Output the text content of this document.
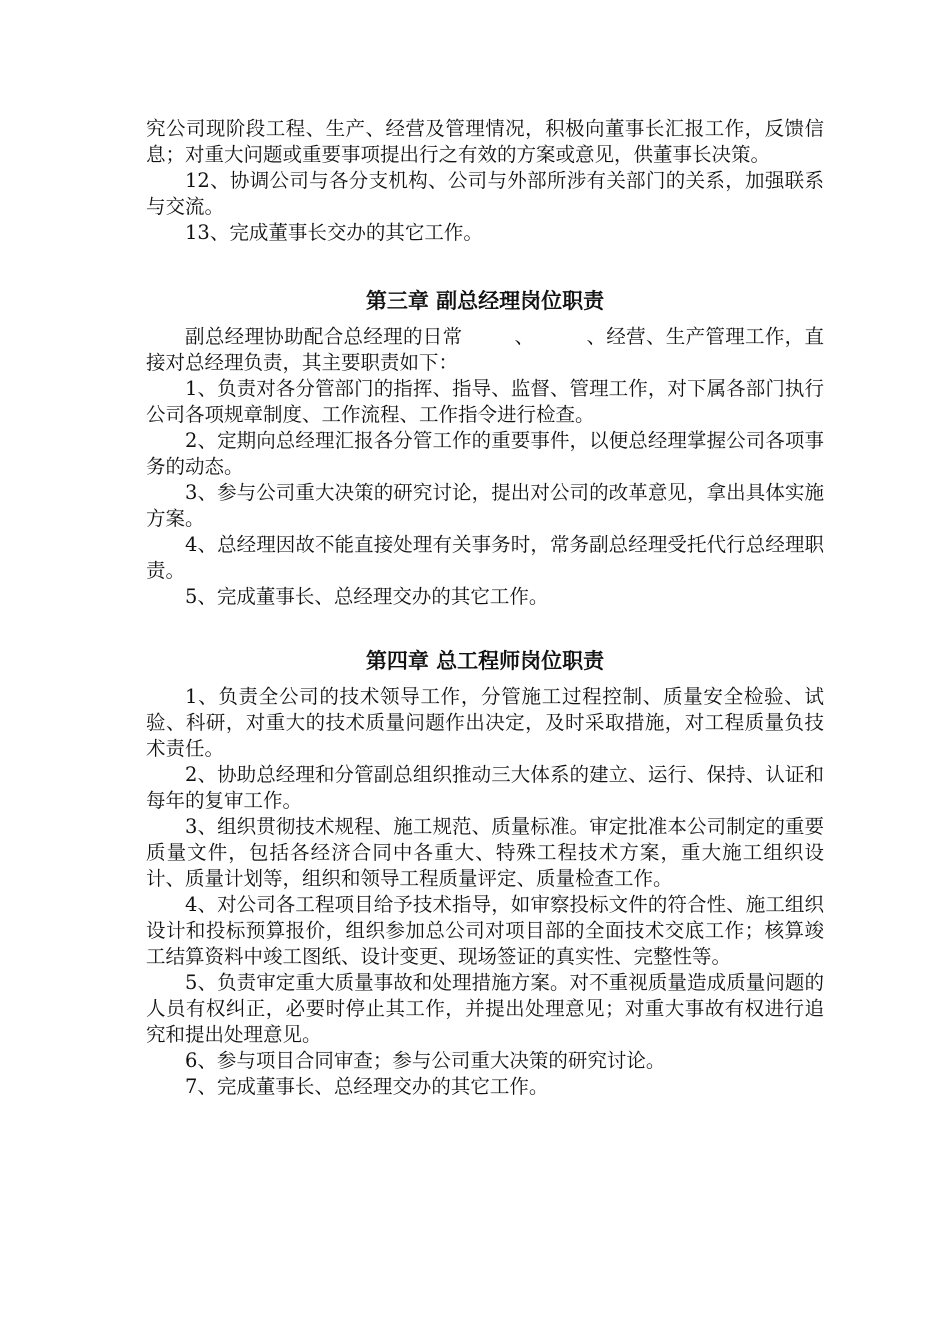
究公司现阶段工程、生产、经营及管理情况，积极向董事长汇报工作，反馈信息；对重大问题或重要事项提出行之有效的方案或意见，供董事长决策。

12、协调公司与各分支机构、公司与外部所涉有关部门的关系，加强联系与交流。

13、完成董事长交办的其它工作。

第三章 副总经理岗位职责

副总经理协助配合总经理的日常        、        、经营、生产管理工作，直接对总经理负责，其主要职责如下：

1、负责对各分管部门的指挥、指导、监督、管理工作，对下属各部门执行公司各项规章制度、工作流程、工作指令进行检查。

2、定期向总经理汇报各分管工作的重要事件，以便总经理掌握公司各项事务的动态。

3、参与公司重大决策的研究讨论，提出对公司的改革意见，拿出具体实施方案。

4、总经理因故不能直接处理有关事务时，常务副总经理受托代行总经理职责。

5、完成董事长、总经理交办的其它工作。

第四章 总工程师岗位职责

1、负责全公司的技术领导工作，分管施工过程控制、质量安全检验、试验、科研，对重大的技术质量问题作出决定，及时采取措施，对工程质量负技术责任。

2、协助总经理和分管副总组织推动三大体系的建立、运行、保持、认证和每年的复审工作。

3、组织贯彻技术规程、施工规范、质量标准。审定批准本公司制定的重要质量文件，包括各经济合同中各重大、特殊工程技术方案，重大施工组织设计、质量计划等，组织和领导工程质量评定、质量检查工作。

4、对公司各工程项目给予技术指导，如审察投标文件的符合性、施工组织设计和投标预算报价，组织参加总公司对项目部的全面技术交底工作；核算竣工结算资料中竣工图纸、设计变更、现场签证的真实性、完整性等。

5、负责审定重大质量事故和处理措施方案。对不重视质量造成质量问题的人员有权纠正，必要时停止其工作，并提出处理意见；对重大事故有权进行追究和提出处理意见。

6、参与项目合同审查；参与公司重大决策的研究讨论。

7、完成董事长、总经理交办的其它工作。
